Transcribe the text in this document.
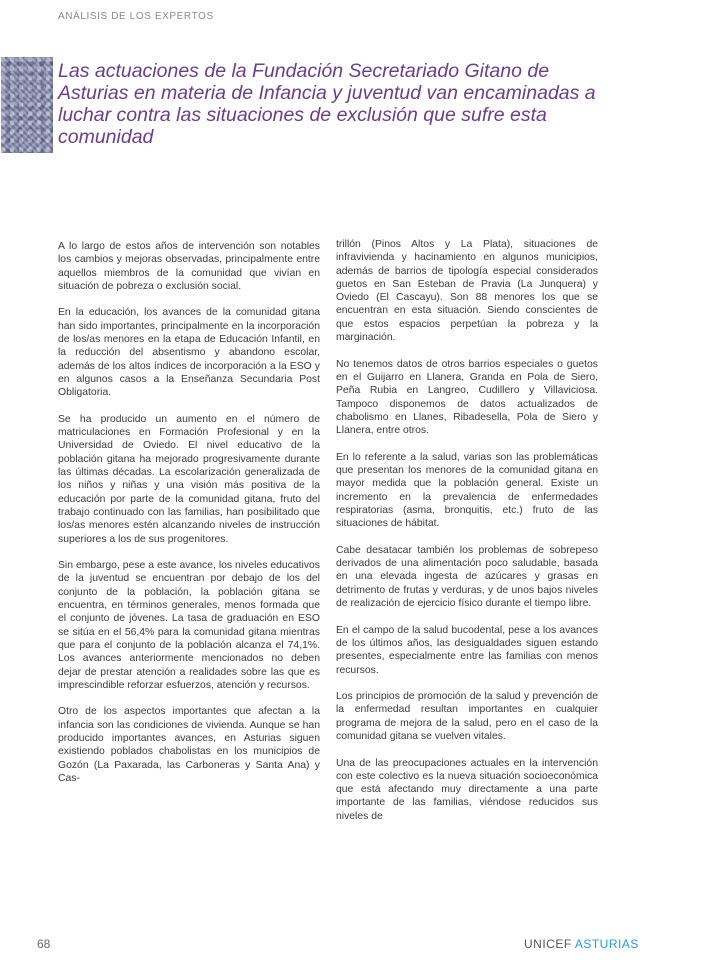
ANÁLISIS DE LOS EXPERTOS
Las actuaciones de la Fundación Secretariado Gitano de Asturias en materia de Infancia y juventud van encaminadas a luchar contra las situaciones de exclusión que sufre esta comunidad

A lo largo de estos años de intervención son notables los cambios y mejoras observadas, principalmente entre aquellos miembros de la comunidad que vivían en situación de pobreza o exclusión social.

En la educación, los avances de la comunidad gitana han sido importantes, principalmente en la incorporación de los/as menores en la etapa de Educación Infantil, en la reducción del absentismo y abandono escolar, además de los altos índices de incorporación a la ESO y en algunos casos a la Enseñanza Secundaria Post Obligatoria.

Se ha producido un aumento en el número de matriculaciones en Formación Profesional y en la Universidad de Oviedo. El nivel educativo de la población gitana ha mejorado progresivamente durante las últimas décadas. La escolarización generalizada de los niños y niñas y una visión más positiva de la educación por parte de la comunidad gitana, fruto del trabajo continuado con las familias, han posibilitado que los/as menores estén alcanzando niveles de instrucción superiores a los de sus progenitores.

Sin embargo, pese a este avance, los niveles educativos de la juventud se encuentran por debajo de los del conjunto de la población, la población gitana se encuentra, en términos generales, menos formada que el conjunto de jóvenes. La tasa de graduación en ESO se sitúa en el 56,4% para la comunidad gitana mientras que para el conjunto de la población alcanza el 74,1%. Los avances anteriormente mencionados no deben dejar de prestar atención a realidades sobre las que es imprescindible reforzar esfuerzos, atención y recursos.

Otro de los aspectos importantes que afectan a la infancia son las condiciones de vivienda. Aunque se han producido importantes avances, en Asturias siguen existiendo poblados chabolistas en los municipios de Gozón (La Paxarada, las Carboneras y Santa Ana) y Cas-

trillón (Pinos Altos y La Plata), situaciones de infravivienda y hacinamiento en algunos municipios, además de barrios de tipología especial considerados guetos en San Esteban de Pravia (La Junquera) y Oviedo (El Cascayu). Son 88 menores los que se encuentran en esta situación. Siendo conscientes de que estos espacios perpetúan la pobreza y la marginación.

No tenemos datos de otros barrios especiales o guetos en el Guijarro en Llanera, Granda en Pola de Siero, Peña Rubia en Langreo, Cudillero y Villaviciosa. Tampoco disponemos de datos actualizados de chabolismo en Llanes, Ribadesella, Pola de Siero y Llanera, entre otros.

En lo referente a la salud, varias son las problemáticas que presentan los menores de la comunidad gitana en mayor medida que la población general. Existe un incremento en la prevalencia de enfermedades respiratorias (asma, bronquitis, etc.) fruto de las situaciones de hábitat.

Cabe desatacar también los problemas de sobrepeso derivados de una alimentación poco saludable, basada en una elevada ingesta de azúcares y grasas en detrimento de frutas y verduras, y de unos bajos niveles de realización de ejercicio físico durante el tiempo libre.

En el campo de la salud bucodental, pese a los avances de los últimos años, las desigualdades siguen estando presentes, especialmente entre las familias con menos recursos.

Los principios de promoción de la salud y prevención de la enfermedad resultan importantes en cualquier programa de mejora de la salud, pero en el caso de la comunidad gitana se vuelven vitales.

Una de las preocupaciones actuales en la intervención con este colectivo es la nueva situación socioeconómica que está afectando muy directamente a una parte importante de las familias, viéndose reducidos sus niveles de

68	UNICEF ASTURIAS
